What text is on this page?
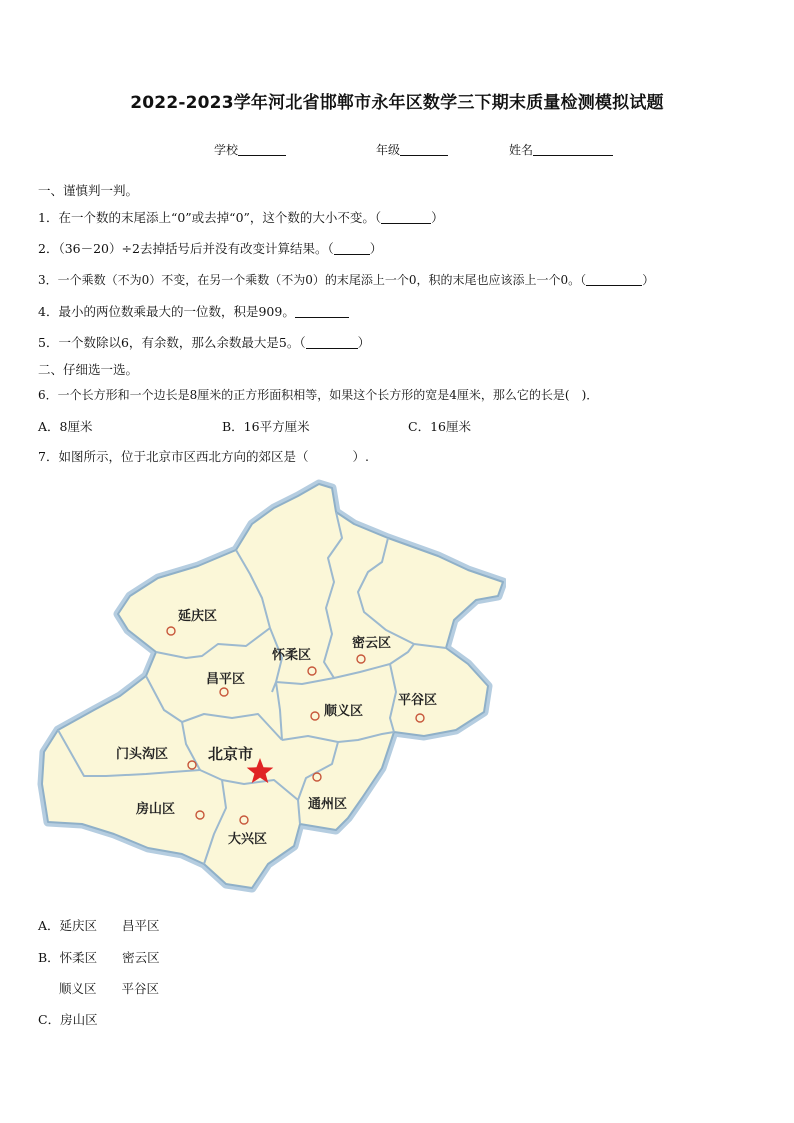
2022-2023学年河北省邯郸市永年区数学三下期末质量检测模拟试题
学校	年级	姓名
一、谨慎判一判。
1．在一个数的末尾添上“0”或去掉“0”，这个数的大小不变。（	）
2．（36－20）÷2去掉括号后并没有改变计算结果。（	）
3．一个乘数（不为0）不变，在另一个乘数（不为0）的末尾添上一个0，积的末尾也应该添上一个0。（	）
4．最小的两位数乘最大的一位数，积是909。
5．一个数除以6，有余数，那么余数最大是5。（	）
二、仔细选一选。
6．一个长方形和一个边长是8厘米的正方形面积相等，如果这个长方形的宽是4厘米，那么它的长是( )．
A．8厘米	B．16平方厘米	C．16厘米
7．如图所示，位于北京市区西北方向的郊区是（	）.
延庆区
怀柔区
密云区
昌平区
平谷区
顺义区
门头沟区	北京市
通州区
房山区
大兴区
A．延庆区　　昌平区
B．怀柔区　　密云区
顺义区　　平谷区
C．房山区
